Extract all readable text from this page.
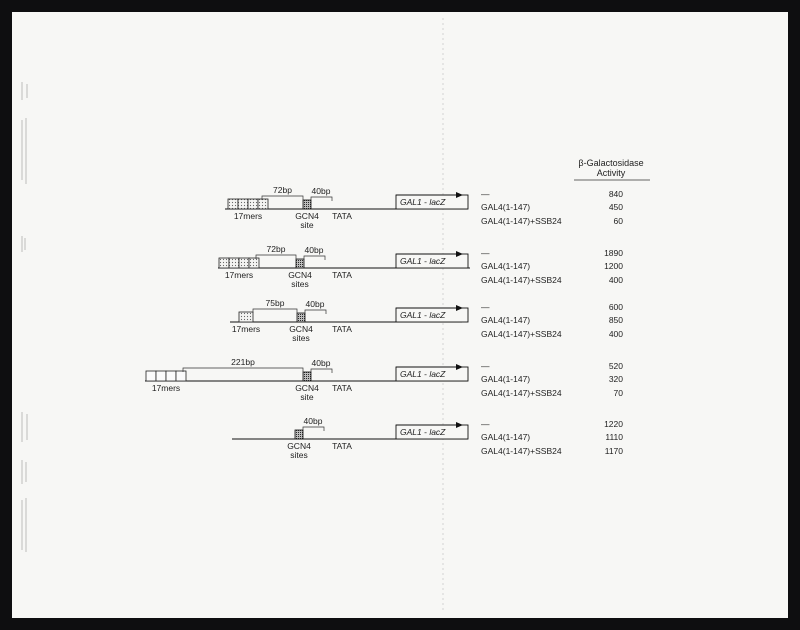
β-Galactosidase
Activity
17mers	GCN4
site
72bp 40bp
TATA
GAL1 - lacZ
—	840
GAL4(1-147)	450
GAL4(1-147)+SSB24	60
17mers	GCN4
sites
72bp 40bp
TATA
GAL1 - lacZ
—	1890
GAL4(1-147)	1200
GAL4(1-147)+SSB24	400
17mers	GCN4
sites
75bp 40bp
TATA
GAL1 - lacZ
—	600
GAL4(1-147)	850
GAL4(1-147)+SSB24	400
17mers	GCN4
site
221bp	40bp
TATA
GAL1 - lacZ
—	520
GAL4(1-147)	320
GAL4(1-147)+SSB24	70
GCN4
sites
40bp
TATA
GAL1 - lacZ
—	1220
GAL4(1-147)	1110
GAL4(1-147)+SSB24	1170
